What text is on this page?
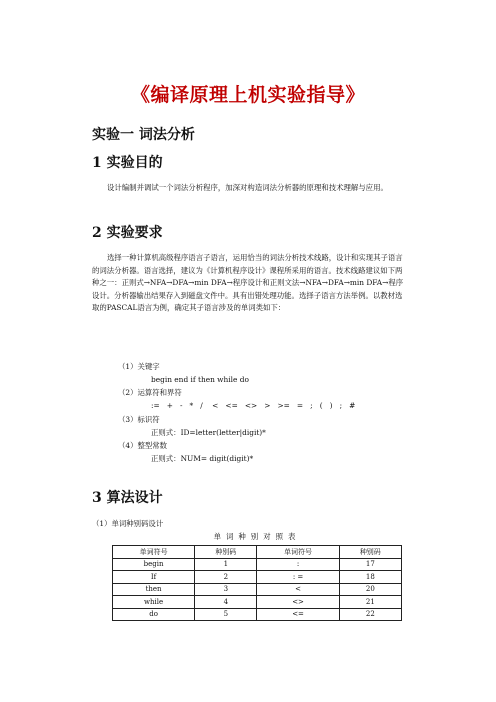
《编译原理上机实验指导》
实验一 词法分析
1 实验目的
设计编制并调试一个词法分析程序，加深对构造词法分析器的原理和技术理解与应用。
2 实验要求
选择一种计算机高级程序语言子语言，运用恰当的词法分析技术线路，设计和实现其子语言的词法分析器。语言选择，建议为《计算机程序设计》课程所采用的语言。技术线路建议如下两种之一：正则式→NFA→DFA→min DFA→程序设计和正则文法→NFA→DFA→min DFA→程序设计。分析器输出结果存入到磁盘文件中。具有出错处理功能。选择子语言方法举例。以教材选取的PASCAL语言为例，确定其子语言涉及的单词类如下：
（1）关键字
begin end if then while do
（2）运算符和界符
:=   +   -   *   /    <   <=   <>   >   >=   =   ;   (   )   ;   #
（3）标识符
正则式：ID=letter(letter|digit)*
（4）整型常数
正则式：NUM= digit(digit)*
3 算法设计
（1）单词种别码设计
单词种别对照表
单词符号	种别码	单词符号	种别码
begin	1	:	17
If	2	: =	18
then	3	<	20
while	4	<>	21
do	5	<=	22
